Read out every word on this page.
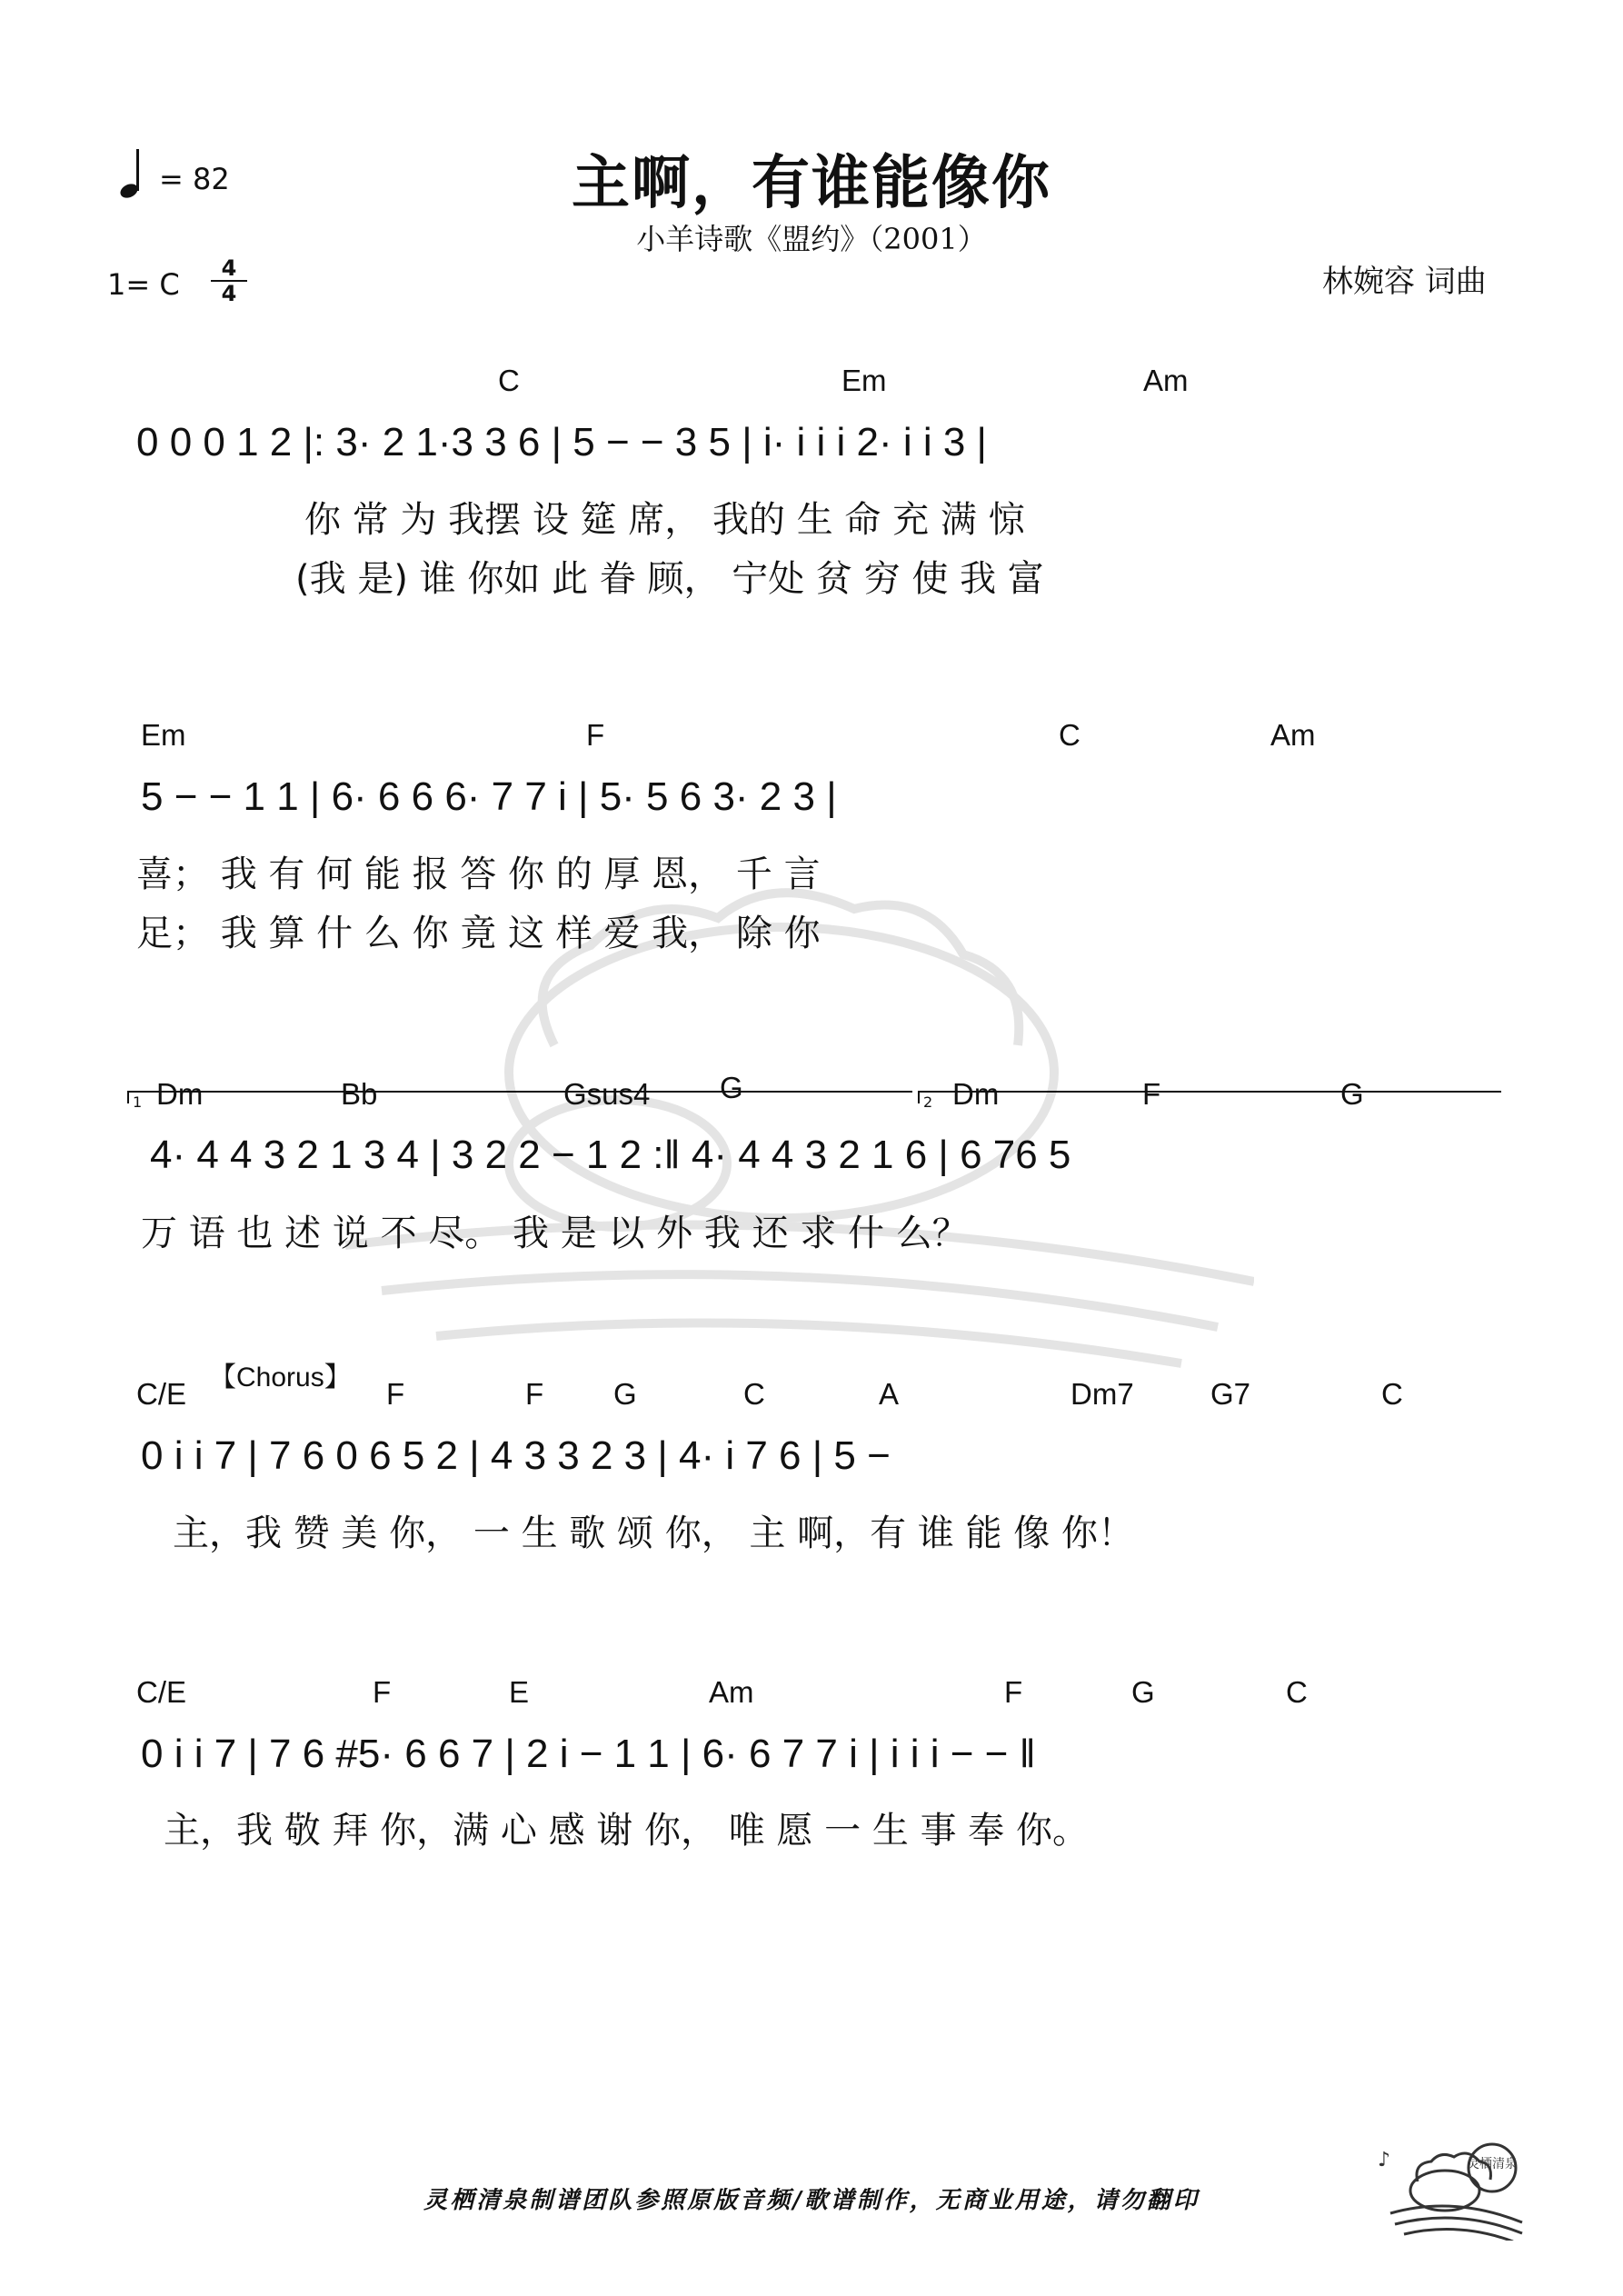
= 82	主啊，有谁能像你
小羊诗歌《盟约》（2001）
1= C $\frac{4}{4}$	林婉容 词曲
C	Em	Am
0 0 0 1 2 |: 3· 2 1·3 3 6 | 5 − − 3 5 | i· i i i 2· i i 3 |
你 常 为 我摆 设 筵 席， 我的 生 命 充 满 惊
(我 是) 谁 你如 此 眷 顾， 宁处 贫 穷 使 我 富
Em	F	C	Am
5 − − 1 1 | 6· 6 6 6· 7 7 i | 5· 5 6 3· 2 3 |
喜； 我 有 何 能 报 答 你 的 厚 恩， 千 言
足； 我 算 什 么 你 竟 这 样 爱 我， 除 你
1	2
Dm	Bb	Gsus4 G	Dm	F	G
4· 4 4 3 2 1 3 4 | 3 2 2 − 1 2 :‖ 4· 4 4 3 2 1 6 | 6 76 5
万 语 也 述 说 不 尽。 我 是 以 外 我 还 求 什 么？
【Chorus】
C/E	F	F G	C	A	Dm7	G7	C
0 i i 7 | 7 6 0 6 5 2 | 4 3 3 2 3 | 4· i 7 6 | 5 −
主，我 赞 美 你， 一 生 歌 颂 你， 主 啊，有 谁 能 像 你！
C/E	F	E	Am	F	G	C
0 i i 7 | 7 6 #5· 6 6 7 | 2 i − 1 1 | 6· 6 7 7 i | i i i − − ‖
主，我 敬 拜 你，满 心 感 谢 你， 唯 愿 一 生 事 奉 你。
灵栖清泉制谱团队参照原版音频/歌谱制作，无商业用途，请勿翻印
灵栖清泉
♪
